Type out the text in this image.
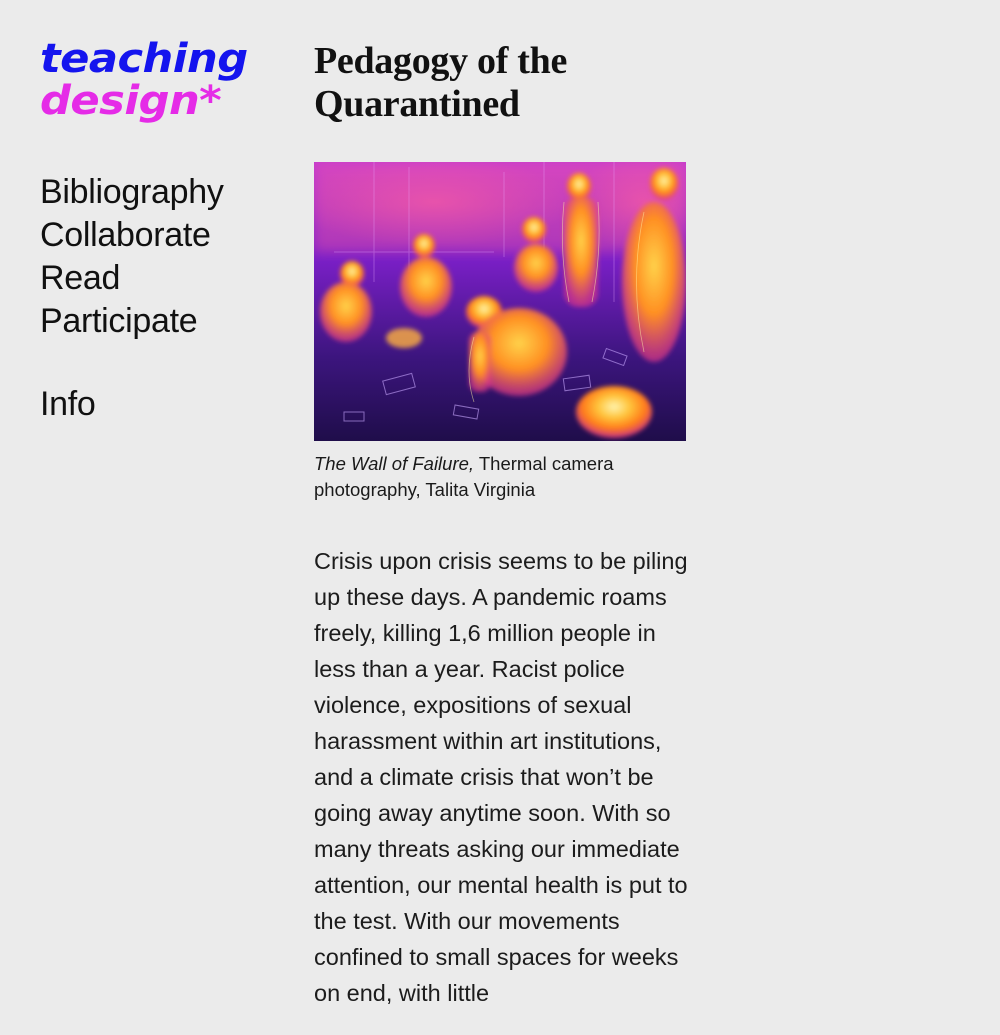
teaching
design*
Bibliography
Collaborate
Read
Participate
Info
Pedagogy of the Quarantined
The Wall of Failure, Thermal camera photography, Talita Virginia

Crisis upon crisis seems to be piling up these days. A pandemic roams freely, killing 1,6 million people in less than a year. Racist police violence, expositions of sexual harassment within art institutions, and a climate crisis that won’t be going away anytime soon. With so many threats asking our immediate attention, our mental health is put to the test. With our movements confined to small spaces for weeks on end, with little
